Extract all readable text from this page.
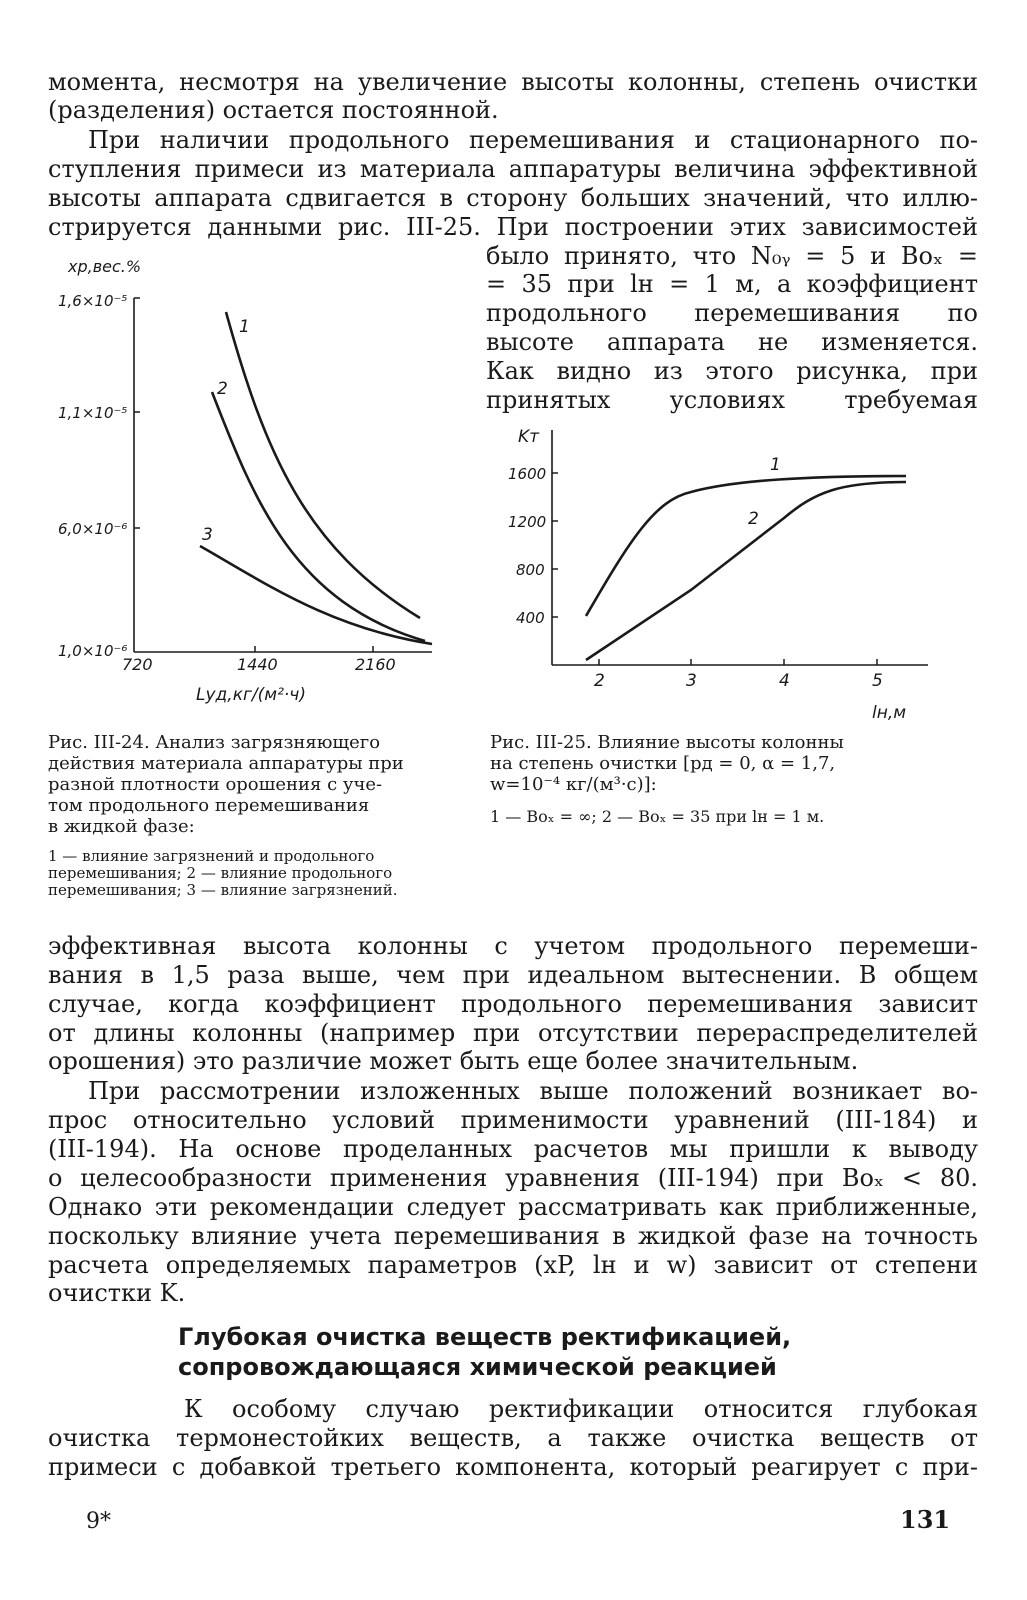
момента, несмотря на увеличение высоты колонны, степень очистки
(разделения) остается постоянной.
При наличии продольного перемешивания и стационарного по-
ступления примеси из материала аппаратуры величина эффективной
высоты аппарата сдвигается в сторону больших значений, что иллю-
стрируется данными рис. III-25. При построении этих зависимостей
было принято, что N₀ᵧ = 5 и Boₓ =
= 35 при lн = 1 м, а коэффициент
продольного перемешивания по
высоте аппарата не изменяется.
Как видно из этого рисунка, при
принятых условиях требуемая
xр,вес.%
1,6×10⁻⁵
1,1×10⁻⁵
6,0×10⁻⁶
1,0×10⁻⁶
720	1440	2160
Lуд,кг/(м²·ч)
1
2
3
Kт
1600
1200
800
400
2	3	4	5
lн,м
1
2
Рис. III-24. Анализ загрязняющего
действия материала аппаратуры при
разной плотности орошения с уче-
том продольного перемешивания
в жидкой фазе:
1 — влияние загрязнений и продольного
перемешивания; 2 — влияние продольного
перемешивания; 3 — влияние загрязнений.
Рис. III-25. Влияние высоты колонны
на степень очистки [pд = 0, α = 1,7,
w=10⁻⁴ кг/(м³·с)]:
1 — Boₓ = ∞; 2 — Boₓ = 35 при lн = 1 м.
эффективная высота колонны с учетом продольного перемеши-
вания в 1,5 раза выше, чем при идеальном вытеснении. В общем
случае, когда коэффициент продольного перемешивания зависит
от длины колонны (например при отсутствии перераспределителей
орошения) это различие может быть еще более значительным.
При рассмотрении изложенных выше положений возникает во-
прос относительно условий применимости уравнений (III-184) и
(III-194). На основе проделанных расчетов мы пришли к выводу
о целесообразности применения уравнения (III-194) при Boₓ < 80.
Однако эти рекомендации следует рассматривать как приближенные,
поскольку влияние учета перемешивания в жидкой фазе на точность
расчета определяемых параметров (xP, lн и w) зависит от степени
очистки K.
Глубокая очистка веществ ректификацией,
сопровождающаяся химической реакцией
К особому случаю ректификации относится глубокая
очистка термонестойких веществ, а также очистка веществ от
примеси с добавкой третьего компонента, который реагирует с при-
9*	131
